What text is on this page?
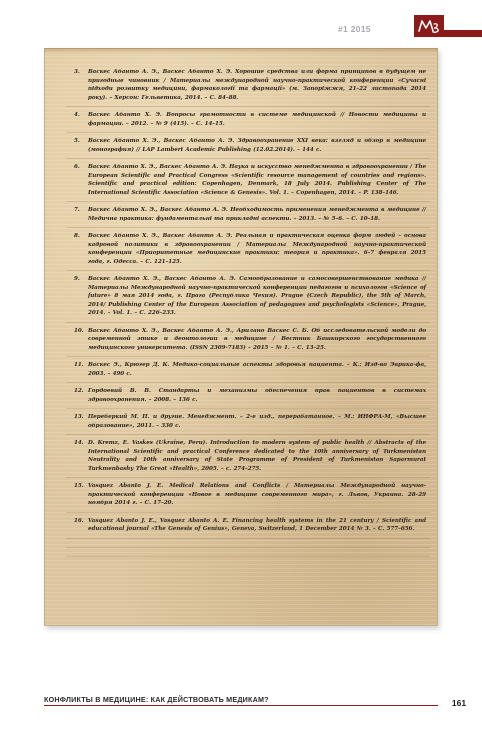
#1 2015
3.	Васкес Абанто А. Э., Васкес Абанто Х. Э. Хорошие средства или форма принципов в будущем не пригодные чиновник / Материалы международной научно-практической конференции «Сучасні підходи розвитку медицини, фармакології та фармації» (м. Запоріжжя, 21–22 листопада 2014 року). – Херсон: Гельветика, 2014. – С. 84–88.
4.	Васкес Абанто Х. Э. Вопросы грамотности в системе медицинской // Новости медицины и фармации. – 2012. – № 9 (415). – С. 14–15.
5.	Васкес Абанто Х. Э., Васкес Абанто А. Э. Здравоохранение XXI века: взгляд и обзор в медицине (монография) // LAP Lambert Academic Publishing (12.02.2014). – 144 с.
6.	Васкес Абанто Х. Э., Васкес Абанто А. Э. Наука и искусство менеджмента в здравоохранении / The European Scientific and Practical Congress «Scientific resource management of countries and regions». Scientific and practical edition: Copenhagen, Denmark, 18 July 2014. Publishing Center of The International Scientific Association «Science & Genesis». Vol. 1. – Copenhagen, 2014. – P. 138–146.
7.	Васкес Абанто Х. Э., Васкес Абанто А. Э. Необходимость применения менеджмента в медицине // Медична практика: фундаментальні та прикладні аспекти. – 2013. – № 5–6. – С. 10–18.
8.	Васкес Абанто Х. Э., Васкес Абанто А. Э. Реальная и практическая оценка форм людей – основа кадровой политики в здравоохранении / Материалы Международной научно-практической конференции «Приоритетные медицинские практики: теория и практика». 6–7 февраля 2015 года, г. Одесса. – С. 121–125.
9.	Васкес Абанто Х. Э., Васкес Абанто А. Э. Самообразование и самосовершенствование медика // Материалы Международной научно-практической конференции педагогов и психологов «Science of future» 8 мая 2014 года, г. Прага (Республика Чехия). Prague (Czech Republic), the 5th of March, 2014/ Publishing Center of the European Association of pedagogues and psychologists «Science», Prague, 2014. – Vol. 1. – С. 226–233.
10. Васкес Абанто Х. Э., Васкес Абанто А. Э., Арилано Васкес С. Б. Об исследовательской модели до современной этике и деонтологии в медицине / Вестник Башкирского государственного медицинского университета. (ISSN 2309-7183) – 2015 – № 1. – С. 13–25.
11. Васкес Э., Крюгер Д. К. Медико-социальные аспекты здоровья пациента. – К.: Изд-во Эврика-фа, 2003. – 490 с.
12. Гордоевий В. В. Стандарты и механизмы обеспечения прав пациентов в системах здравоохранения. – 2008. – 136 с.
13. Переберкий М. П. и другие. Менеджмент. – 2-е изд., перерабатанное. – М.: ИНФРА-М, «Высшее образование», 2011. – 330 с.
14. D. Kremz, E. Vaskes (Ukraine, Peru). Introduction to modern system of public health // Abstracts of the International Scientific and practical Conference dedicated to the 10th anniversary of Turkmenistan Neutrality and 10th anniversary of State Programme of President of Turkmenistan Saparmurat Turkmenbashy The Great «Health», 2005. – с. 274–275.
15. Vasquez Abanto J. E. Medical Relations and Conflicts / Материалы Международной научно-практической конференции «Новое в медицине современного мира», г. Львов, Украина. 28–29 ноября 2014 г. – С. 17–20.
16. Vasquez Abanto J. E., Vasquez Abanto A. E. Financing health systems in the 21 century / Scientific and educational journal «The Genesis of Genius», Geneva, Switzerland, 1 December 2014 № 3. – С. 577–656.
КОНФЛИКТЫ В МЕДИЦИНЕ: КАК ДЕЙСТВОВАТЬ МЕДИКАМ?	161
